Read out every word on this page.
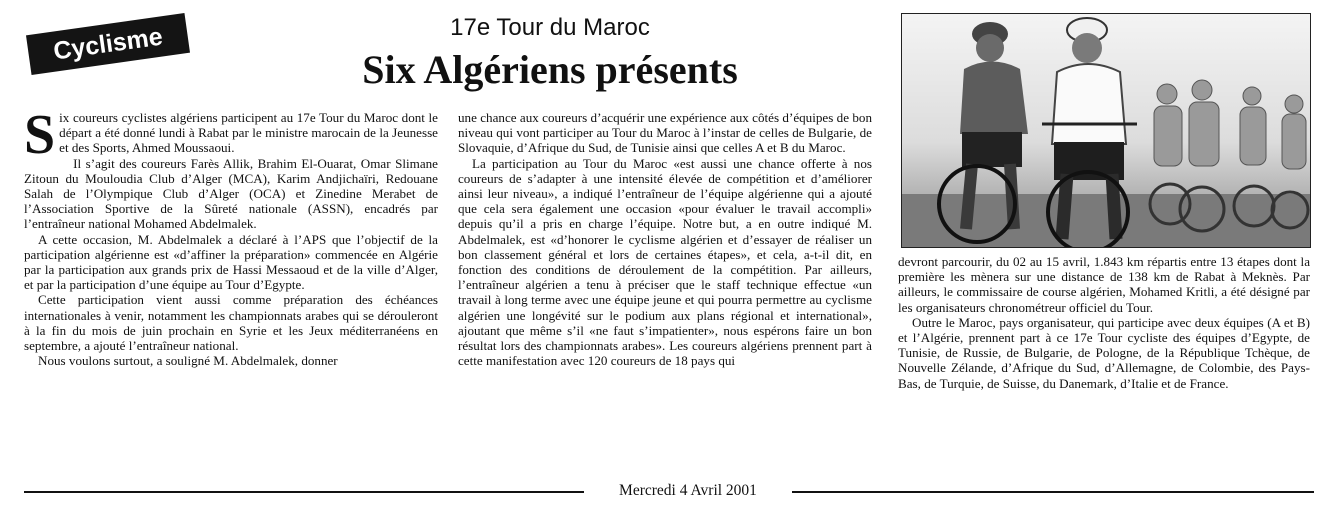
Cyclisme	17e Tour du Maroc
Six Algériens présents

Six coureurs cyclistes algériens participent au 17e Tour du Maroc dont le départ a été donné lundi à Rabat par le ministre marocain de la Jeunesse et des Sports, Ahmed Moussaoui.

Il s’agit des coureurs Farès Allik, Brahim El-Ouarat, Omar Slimane Zitoun du Mouloudia Club d’Alger (MCA), Karim Andjichaïri, Redouane Salah de l’Olympique Club d’Alger (OCA) et Zinedine Merabet de l’Association Sportive de la Sûreté nationale (ASSN), encadrés par l’entraîneur national Mohamed Abdelmalek.

A cette occasion, M. Abdelmalek a déclaré à l’APS que l’objectif de la participation algérienne est «d’affiner la préparation» commencée en Algérie par la participation aux grands prix de Hassi Messaoud et de la ville d’Alger, et par la participation d’une équipe au Tour d’Egypte.

Cette participation vient aussi comme préparation des échéances internationales à venir, notamment les championnats arabes qui se dérouleront à la fin du mois de juin prochain en Syrie et les Jeux méditerranéens en septembre, a ajouté l’entraîneur national.

Nous voulons surtout, a souligné M. Abdelmalek, donner

une chance aux coureurs d’acquérir une expérience aux côtés d’équipes de bon niveau qui vont participer au Tour du Maroc à l’instar de celles de Bulgarie, de Slovaquie, d’Afrique du Sud, de Tunisie ainsi que celles A et B du Maroc.

La participation au Tour du Maroc «est aussi une chance offerte à nos coureurs de s’adapter à une intensité élevée de compétition et d’améliorer ainsi leur niveau», a indiqué l’entraîneur de l’équipe algérienne qui a ajouté que cela sera également une occasion «pour évaluer le travail accompli» depuis qu’il a pris en charge l’équipe. Notre but, a en outre indiqué M. Abdelmalek, est «d’honorer le cyclisme algérien et d’essayer de réaliser un bon classement général et lors de certaines étapes», et cela, a-t-il dit, en fonction des conditions de déroulement de la compétition. Par ailleurs, l’entraîneur algérien a tenu à préciser que le staff technique effectue «un travail à long terme avec une équipe jeune et qui pourra permettre au cyclisme algérien une longévité sur le podium aux plans régional et international», ajoutant que même s’il «ne faut s’impatienter», nous espérons faire un bon résultat lors des championnats arabes». Les coureurs algériens prennent part à cette manifestation avec 120 coureurs de 18 pays qui

devront parcourir, du 02 au 15 avril, 1.843 km répartis entre 13 étapes dont la première les mènera sur une distance de 138 km de Rabat à Meknès. Par ailleurs, le commissaire de course algérien, Mohamed Kritli, a été désigné par les organisateurs chronométreur officiel du Tour.

Outre le Maroc, pays organisateur, qui participe avec deux équipes (A et B) et l’Algérie, prennent part à ce 17e Tour cycliste des équipes d’Egypte, de Tunisie, de Russie, de Bulgarie, de Pologne, de la République Tchèque, de Nouvelle Zélande, d’Afrique du Sud, d’Allemagne, de Colombie, des Pays-Bas, de Turquie, de Suisse, du Danemark, d’Italie et de France.

Mercredi 4 Avril 2001
